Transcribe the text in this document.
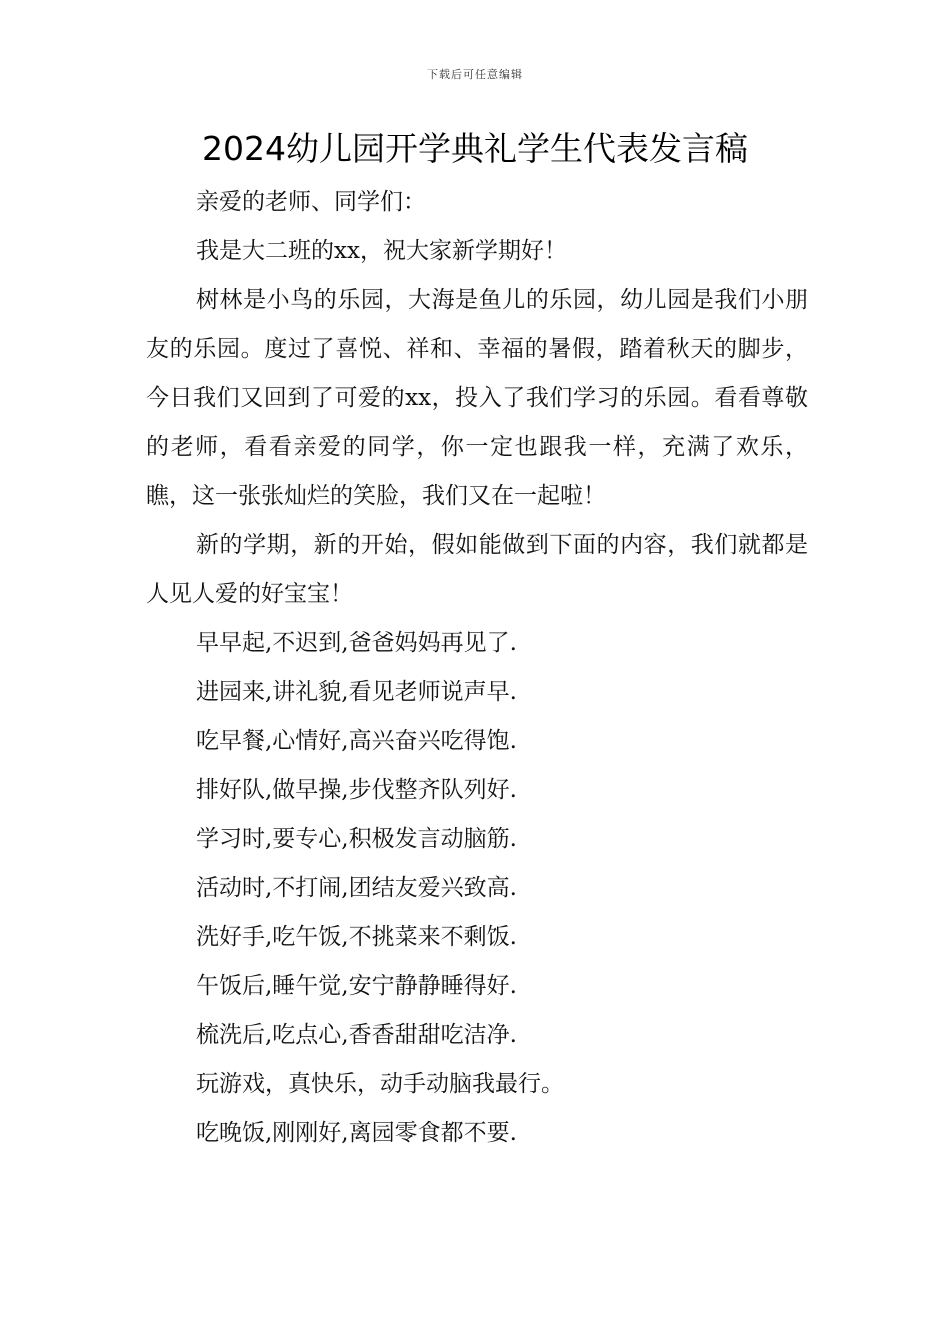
下载后可任意编辑
2024幼儿园开学典礼学生代表发言稿

亲爱的老师、同学们：

我是大二班的xx，祝大家新学期好！

树林是小鸟的乐园，大海是鱼儿的乐园，幼儿园是我们小朋友的乐园。度过了喜悦、祥和、幸福的暑假，踏着秋天的脚步，今日我们又回到了可爱的xx，投入了我们学习的乐园。看看尊敬的老师，看看亲爱的同学，你一定也跟我一样，充满了欢乐，瞧，这一张张灿烂的笑脸，我们又在一起啦！

新的学期，新的开始，假如能做到下面的内容，我们就都是人见人爱的好宝宝！

早早起,不迟到,爸爸妈妈再见了.

进园来,讲礼貌,看见老师说声早.

吃早餐,心情好,高兴奋兴吃得饱.

排好队,做早操,步伐整齐队列好.

学习时,要专心,积极发言动脑筋.

活动时,不打闹,团结友爱兴致高.

洗好手,吃午饭,不挑菜来不剩饭.

午饭后,睡午觉,安宁静静睡得好.

梳洗后,吃点心,香香甜甜吃洁净.

玩游戏，真快乐，动手动脑我最行。

吃晚饭,刚刚好,离园零食都不要.
